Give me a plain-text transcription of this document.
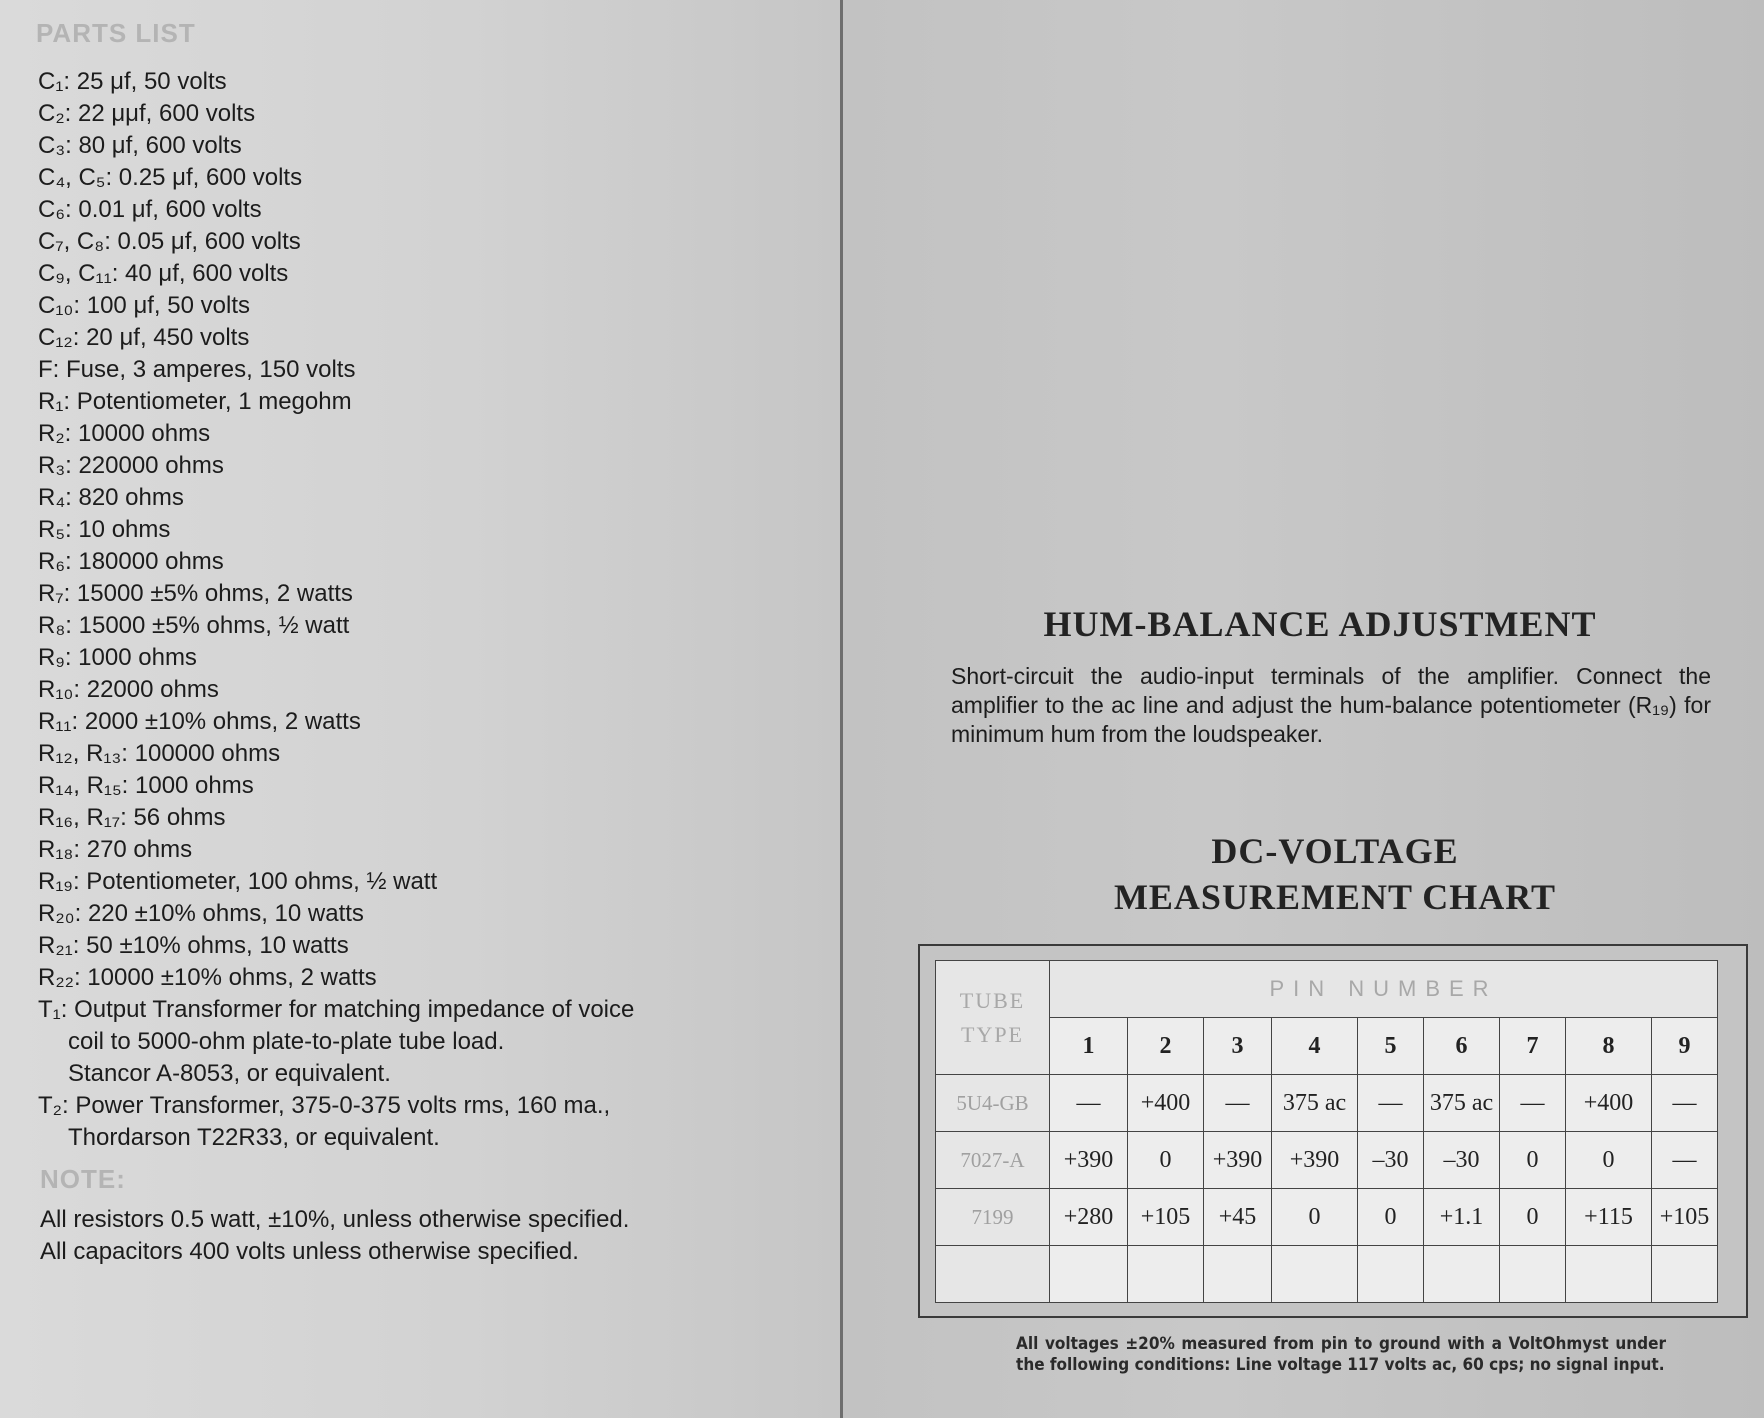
PARTS LIST
C₁: 25 μf, 50 volts
C₂: 22 μμf, 600 volts
C₃: 80 μf, 600 volts
C₄, C₅: 0.25 μf, 600 volts
C₆: 0.01 μf, 600 volts
C₇, C₈: 0.05 μf, 600 volts
C₉, C₁₁: 40 μf, 600 volts
C₁₀: 100 μf, 50 volts
C₁₂: 20 μf, 450 volts
F: Fuse, 3 amperes, 150 volts
R₁: Potentiometer, 1 megohm
R₂: 10000 ohms
R₃: 220000 ohms
R₄: 820 ohms
R₅: 10 ohms
R₆: 180000 ohms
R₇: 15000 ±5% ohms, 2 watts
R₈: 15000 ±5% ohms, ½ watt
R₉: 1000 ohms
R₁₀: 22000 ohms
R₁₁: 2000 ±10% ohms, 2 watts
R₁₂, R₁₃: 100000 ohms
R₁₄, R₁₅: 1000 ohms
R₁₆, R₁₇: 56 ohms
R₁₈: 270 ohms
R₁₉: Potentiometer, 100 ohms, ½ watt
R₂₀: 220 ±10% ohms, 10 watts
R₂₁: 50 ±10% ohms, 10 watts
R₂₂: 10000 ±10% ohms, 2 watts
T₁: Output Transformer for matching impedance of voice
coil to 5000-ohm plate-to-plate tube load.
Stancor A-8053, or equivalent.
T₂: Power Transformer, 375-0-375 volts rms, 160 ma.,
Thordarson T22R33, or equivalent.
NOTE:
All resistors 0.5 watt, ±10%, unless otherwise specified.
All capacitors 400 volts unless otherwise specified.
HUM-BALANCE ADJUSTMENT

Short-circuit the audio-input terminals of the amplifier. Connect the amplifier to the ac line and adjust the hum-balance potentiometer (R₁₉) for minimum hum from the loudspeaker.

DC-VOLTAGE
MEASUREMENT CHART
TUBE
TYPE	PIN NUMBER								
	1	2	3	4	5	6	7	8	9
5U4-GB	—	+400	—	375 ac	—	375 ac	—	+400	—
7027-A	+390	0	+390	+390	–30	–30	0	0	—
7199	+280	+105	+45	0	0	+1.1	0	+115	+105

All voltages ±20% measured from pin to ground with a VoltOhmyst under the following conditions: Line voltage 117 volts ac, 60 cps; no signal input.
